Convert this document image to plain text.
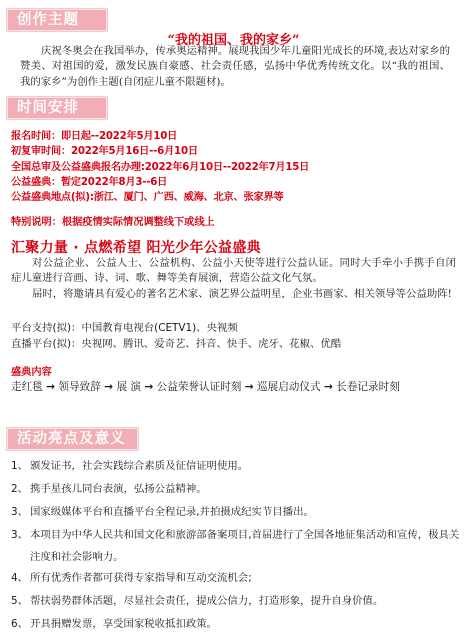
创作主题
“我的祖国、我的家乡”

庆祝冬奥会在我国举办，传承奥运精神。展现我国少年儿童阳光成长的环境,表达对家乡的赞美、对祖国的爱，激发民族自豪感、社会责任感，弘扬中华优秀传统文化。以“我的祖国、我的家乡”为创作主题(自闭症儿童不限题材)。

时间安排
报名时间：即日起--2022年5月10日
初复审时间：2022年5月16日--6月10日
全国总审及公益盛典报名办理:2022年6月10日--2022年7月15日
公益盛典：暂定2022年8月3--6日
公益盛典地点(拟):浙江、厦门、广西、威海、北京、张家界等
特别说明：根据疫情实际情况调整线下或线上
汇聚力量 · 点燃希望 阳光少年公益盛典

对公益企业、公益人士、公益机构、公益小天使等进行公益认证。同时大手牵小手携手自闭症儿童进行音画、诗、词、歌、舞等美育展演，营造公益文化气氛。

届时，将邀请具有爱心的著名艺术家、演艺界公益明星，企业书画家、相关领导等公益助阵!

平台支持(拟)：中国教育电视台(CETV1)、央视频
直播平台(拟)：央视网、腾讯、爱奇艺、抖音、快手、虎牙、花椒、优酷
盛典内容
走红毯 → 领导致辞 → 展 演 → 公益荣誉认证时刻 → 巡展启动仪式 → 长卷记录时刻
活动亮点及意义
1、 颁发证书，社会实践综合素质及征信证明使用。
2、 携手星孩儿同台表演，弘扬公益精神。
3、 国家级媒体平台和直播平台全程记录,并拍摄成纪实节目播出。
3、 本项目为中华人民共和国文化和旅游部备案项目,首届进行了全国各地征集活动和宣传，极具关注度和社会影响力。
4、 所有优秀作者都可获得专家指导和互动交流机会;
5、 帮扶弱势群体活题，尽显社会责任，提成公信力，打造形象，提升自身价值。
6、 开具捐赠发票，享受国家税收抵扣政策。
